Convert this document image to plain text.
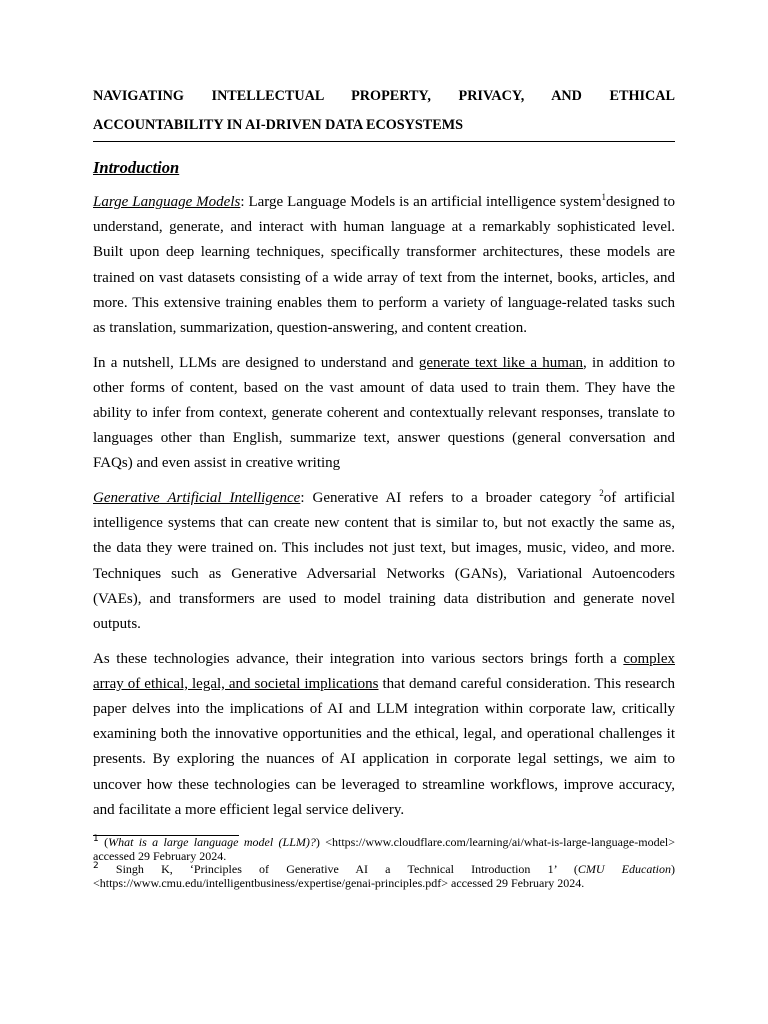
NAVIGATING INTELLECTUAL PROPERTY, PRIVACY, AND ETHICAL
ACCOUNTABILITY IN AI-DRIVEN DATA ECOSYSTEMS
Introduction

Large Language Models: Large Language Models is an artificial intelligence system$^1$designed to understand, generate, and interact with human language at a remarkably sophisticated level. Built upon deep learning techniques, specifically transformer architectures, these models are trained on vast datasets consisting of a wide array of text from the internet, books, articles, and more. This extensive training enables them to perform a variety of language-related tasks such as translation, summarization, question-answering, and content creation.

In a nutshell, LLMs are designed to understand and generate text like a human, in addition to other forms of content, based on the vast amount of data used to train them. They have the ability to infer from context, generate coherent and contextually relevant responses, translate to languages other than English, summarize text, answer questions (general conversation and FAQs) and even assist in creative writing

Generative Artificial Intelligence: Generative AI refers to a broader category $^2$of artificial intelligence systems that can create new content that is similar to, but not exactly the same as, the data they were trained on. This includes not just text, but images, music, video, and more. Techniques such as Generative Adversarial Networks (GANs), Variational Autoencoders (VAEs), and transformers are used to model training data distribution and generate novel outputs.

As these technologies advance, their integration into various sectors brings forth a complex array of ethical, legal, and societal implications that demand careful consideration. This research paper delves into the implications of AI and LLM integration within corporate law, critically examining both the innovative opportunities and the ethical, legal, and operational challenges it presents. By exploring the nuances of AI application in corporate legal settings, we aim to uncover how these technologies can be leveraged to streamline workflows, improve accuracy, and facilitate a more efficient legal service delivery.

$^1$ (What is a large language model (LLM)?) <https://www.cloudflare.com/learning/ai/what-is-large-language-model> accessed 29 February 2024.
$^2$ Singh K, ‘Principles of Generative AI a Technical Introduction 1’ (CMU Education) <https://www.cmu.edu/intelligentbusiness/expertise/genai-principles.pdf> accessed 29 February 2024.
